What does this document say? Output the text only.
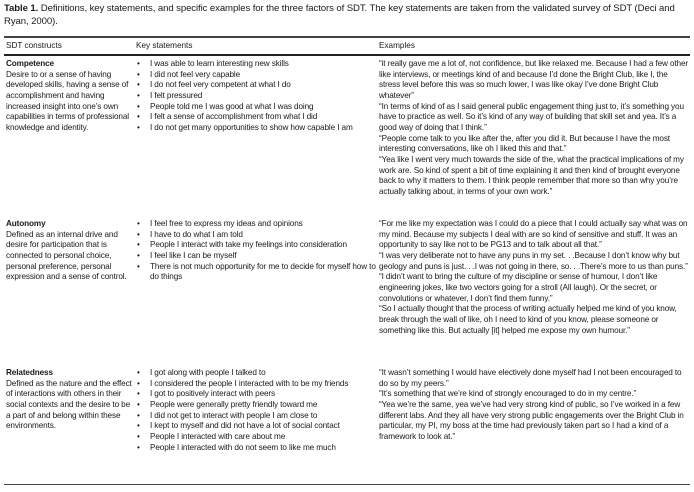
Table 1. Definitions, key statements, and specific examples for the three factors of SDT. The key statements are taken from the validated survey of SDT (Deci and Ryan, 2000).
SDT constructs	Key statements	Examples
Competence
Desire to or a sense of having developed skills, having a sense of accomplishment and having increased insight into one’s own capabilities in terms of professional knowledge and identity.
• I was able to learn interesting new skills
• I did not feel very capable
• I do not feel very competent at what I do
• I felt pressured
• People told me I was good at what I was doing
• I felt a sense of accomplishment from what I did
• I do not get many opportunities to show how capable I am
“it really gave me a lot of, not confidence, but like relaxed me. Because I had a few other like interviews, or meetings kind of and because I’d done the Bright Club, like I, the stress level before this was so much lower, I was like okay I’ve done Bright Club whatever”
“In terms of kind of as I said general public engagement thing just to, it’s something you have to practice as well. So it’s kind of any way of building that skill set and yea. It’s a good way of doing that I think.”
“People come talk to you like after the, after you did it. But because I have the most interesting conversations, like oh I liked this and that.”
“Yea like I went very much towards the side of the, what the practical implications of my work are. So kind of spent a bit of time explaining it and then kind of brought everyone back to why it matters to them. I think people remember that more so than why you’re actually talking about, in terms of your own work.”
Autonomy
Defined as an internal drive and desire for participation that is connected to personal choice, personal preference, personal expression and a sense of control.
• I feel free to express my ideas and opinions
• I have to do what I am told
• People I interact with take my feelings into consideration
• I feel like I can be myself
• There is not much opportunity for me to decide for myself how to do things
“For me like my expectation was I could do a piece that I could actually say what was on my mind. Because my subjects I deal with are so kind of sensitive and stuff. It was an opportunity to say like not to be PG13 and to talk about all that.”
“I was very deliberate not to have any puns in my set. . .Because I don’t know why but geology and puns is just. . .I was not going in there, so. . .There’s more to us than puns.”
“I didn’t want to bring the culture of my discipline or sense of humour, I don’t like engineering jokes, like two vectors going for a stroll (All laugh). Or the secret, or convolutions or whatever, I don’t find them funny.”
“So I actually thought that the process of writing actually helped me kind of you know, break through the wall of like, oh I need to kind of you know, please someone or something like this. But actually [it] helped me expose my own humour.”
Relatedness
Defined as the nature and the effect of interactions with others in their social contexts and the desire to be a part of and belong within these environments.
• I got along with people I talked to
• I considered the people I interacted with to be my friends
• I got to positively interact with peers
• People were generally pretty friendly toward me
• I did not get to interact with people I am close to
• I kept to myself and did not have a lot of social contact
• People I interacted with care about me
• People I interacted with do not seem to like me much
“It wasn’t something I would have electively done myself had I not been encouraged to do so by my peers.”
“It’s something that we’re kind of strongly encouraged to do in my centre.”
“Yea we’re the same, yea we’ve had very strong kind of public, so I’ve worked in a few different labs. And they all have very strong public engagements over the Bright Club in particular, my PI, my boss at the time had previously taken part so I had a kind of a framework to look at.”
